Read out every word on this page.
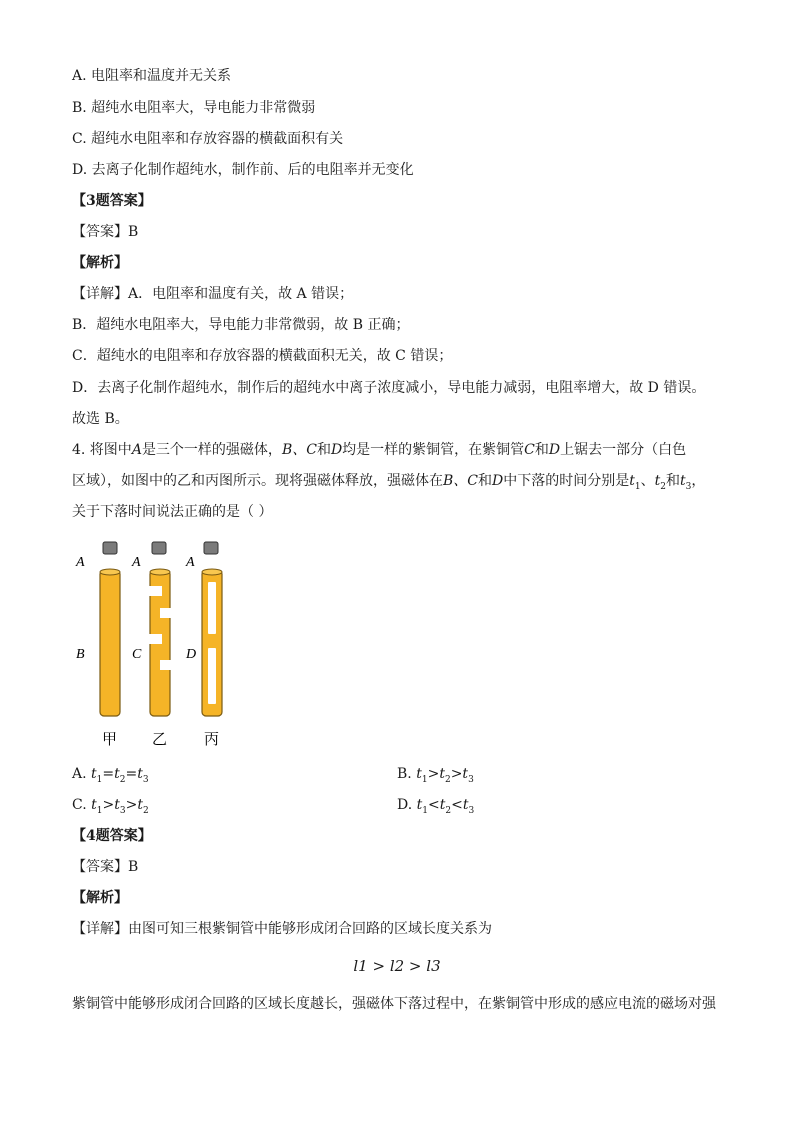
A. 电阻率和温度并无关系
B. 超纯水电阻率大，导电能力非常微弱
C. 超纯水电阻率和存放容器的横截面积有关
D. 去离子化制作超纯水，制作前、后的电阻率并无变化
【3题答案】
【答案】B
【解析】
【详解】A．电阻率和温度有关，故 A 错误；
B．超纯水电阻率大，导电能力非常微弱，故 B 正确；
C．超纯水的电阻率和存放容器的横截面积无关，故 C 错误；
D．去离子化制作超纯水，制作后的超纯水中离子浓度减小，导电能力减弱，电阻率增大，故 D 错误。
故选 B。
4. 将图中A是三个一样的强磁体，B、C和D均是一样的紫铜管，在紫铜管C和D上锯去一部分（白色
区域），如图中的乙和丙图所示。现将强磁体释放，强磁体在B、C和D中下落的时间分别是$t_1$、$t_2$和$t_3$，
关于下落时间说法正确的是（ ）
A	A	A
B	C	D
甲 乙 丙
A. $t_1=t_2=t_3$	B. $t_1>t_2>t_3$
C. $t_1>t_3>t_2$	D. $t_1<t_2<t_3$
【4题答案】
【答案】B
【解析】
【详解】由图可知三根紫铜管中能够形成闭合回路的区域长度关系为
l1 > l2 > l3
紫铜管中能够形成闭合回路的区域长度越长，强磁体下落过程中，在紫铜管中形成的感应电流的磁场对强
